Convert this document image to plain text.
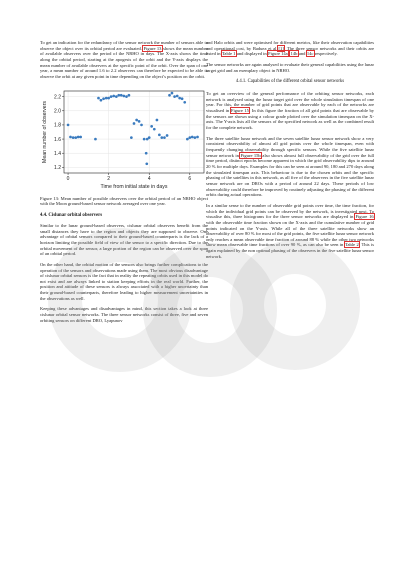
To get an indication for the redundancy of the sensor network the number of sensors able to observe the object over its orbital period are evaluated. Figure 13 shows the mean number of available observers over the period of the NRHO in days. The X-axis shows the time along the orbital period, starting at the apogesis of the orbit and the Y-axis displays the mean number of available observers at the specific point of the orbit. Over the span of one year, a mean number of around 1.6 to 2.2 observers can therefore be expected to be able to observe the orbit at any given point in time depending on the object’s position on the orbit.

0	2	4	6
1.2
1.4
1.6
1.8
2.0
2.2
Time from initial state in days
Mean number of observers
Figure 13: Mean number of possible observers over the orbital period of an NRHO object with the Moon ground-based sensor network averaged over one year.
4.4. Cislunar orbital observers

Similar to the lunar ground-based observers, cislunar orbital observers benefit from the small distances they have to the region and objects they are supposed to observe. One advantage of orbital sensors compared to their ground-based counterparts is the lack of a horizon limiting the possible field of view of the sensor to a specific direction. Due to the orbital movement of the sensor, a large portion of the region can be observed over the span of an orbital period.

On the other hand, the orbital motion of the sensors also brings further complications to the operation of the sensors and observations made using them. The most obvious disadvantage of cislunar orbital sensors is the fact that in reality the repeating orbits used in this model do not exist and are always linked to station keeping efforts in the real world. Further, the position and attitude of these sensors is always associated with a higher uncertainty than their ground-based counterparts, therefore leading to higher measurement uncertainties in the observations as well.

Keeping these advantages and disadvantages in mind, this section takes a look at three cislunar orbital sensor networks. The three sensor networks consist of three, five and seven orbiting sensors on different DRO, Lyapunov

and Halo orbits and were optimised for different metrics, like their observation capabilities and operational cost, by Baduea et al [1]. The three sensor networks and their orbits are listed in Table 1 and displayed in Figure 14a, 14b and 14c respectively.

The sensor networks are again analysed to evaluate their general capabilities using the lunar target grid and an exemplary object in NRHO.

4.4.1. Capabilities of the different orbital sensor networks

To get an overview of the general performance of the orbiting sensor networks, each network is analysed using the lunar target grid over the whole simulation timespan of one year. For this, the number of grid points that are observable by each of the networks are visualised in Figure 15. In this figure the fraction of all grid points that are observable by the sensors are shown using a colour grade plotted over the simulation timespan on the X-axis. The Y-axis lists all the sensors of the specified network as well as the combined result for the complete network.

The three satellite lunar network and the seven satellite lunar sensor network show a very consistent observability of almost all grid points over the whole timespan, even with frequently changing observability through specific sensors. While the five satellite lunar sensor network in Figure 15b also shows almost full observability of the grid over the full time period, distinct epochs become apparent in which the grid observability dips to around 20 % for multiple days. Examples for this can be seen at around 90, 180 and 270 days along the simulated timespan axis. This behaviour is due to the chosen orbits and the specific phasing of the satellites in this network, as all five of the observers in the five satellite lunar sensor network are on DROs with a period of around 22 days. These periods of low observability could therefore be improved by routinely adjusting the phasing of the different orbits during actual operations.

In a similar sense to the number of observable grid points over time, the time fraction, for which the individual grid points can be observed by the network, is investigated next. To visualise this, three histograms for the three sensor networks are displayed in Figure 16 with the observable time fraction shown on the X-axis and the cumulative number of grid points indicated on the Y-axis. While all of the three satellite networks show an observability of over 80 % for most of the grid points, the five satellite lunar sensor network only reaches a mean observable time fraction of around 88 % while the other two networks show mean observable time fractions of over 90 %, as can also be seen in Table 2. This is again explained by the non optimal phasing of the observers in the five satellite lunar sensor network.
